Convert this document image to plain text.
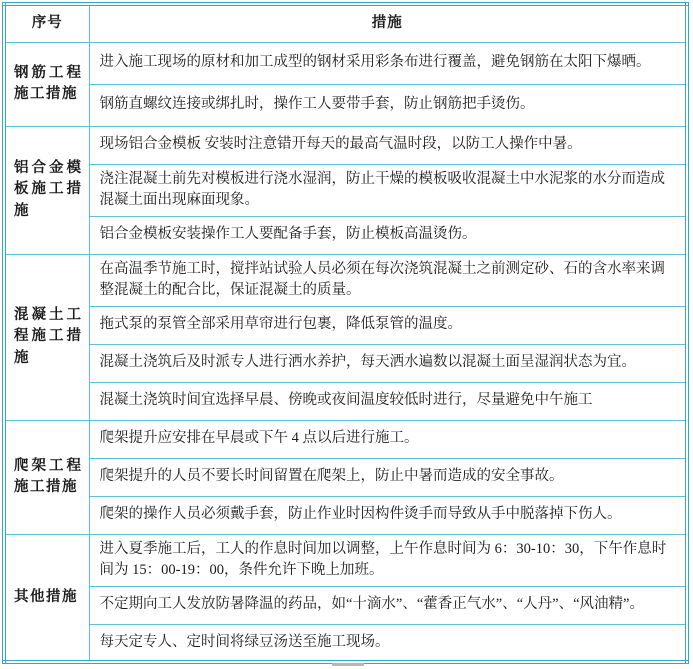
序号	措施
钢筋工程施工措施	进入施工现场的原材和加工成型的钢材采用彩条布进行覆盖，避免钢筋在太阳下爆晒。
	钢筋直螺纹连接或绑扎时，操作工人要带手套，防止钢筋把手烫伤。
铝合金模板施工措施	现场铝合金模板 安装时注意错开每天的最高气温时段，以防工人操作中暑。
	浇注混凝土前先对模板进行浇水湿润，防止干燥的模板吸收混凝土中水泥浆的水分而造成混凝土面出现麻面现象。
	铝合金模板安装操作工人要配备手套，防止模板高温烫伤。
混凝土工程施工措施	在高温季节施工时，搅拌站试验人员必须在每次浇筑混凝土之前测定砂、石的含水率来调整混凝土的配合比，保证混凝土的质量。
	拖式泵的泵管全部采用草帘进行包裹，降低泵管的温度。
	混凝土浇筑后及时派专人进行洒水养护，每天洒水遍数以混凝土面呈湿润状态为宜。
	混凝土浇筑时间宜选择早晨、傍晚或夜间温度较低时进行，尽量避免中午施工
爬架工程施工措施	爬架提升应安排在早晨或下午 4 点以后进行施工。
	爬架提升的人员不要长时间留置在爬架上，防止中暑而造成的安全事故。
	爬架的操作人员必须戴手套，防止作业时因构件烫手而导致从手中脱落掉下伤人。
其他措施	进入夏季施工后，工人的作息时间加以调整，上午作息时间为 6：30-10：30，下午作息时间为 15：00-19：00，条件允许下晚上加班。
	不定期向工人发放防暑降温的药品，如“十滴水”、“藿香正气水”、“人丹”、“风油精”。
	每天定专人、定时间将绿豆汤送至施工现场。
